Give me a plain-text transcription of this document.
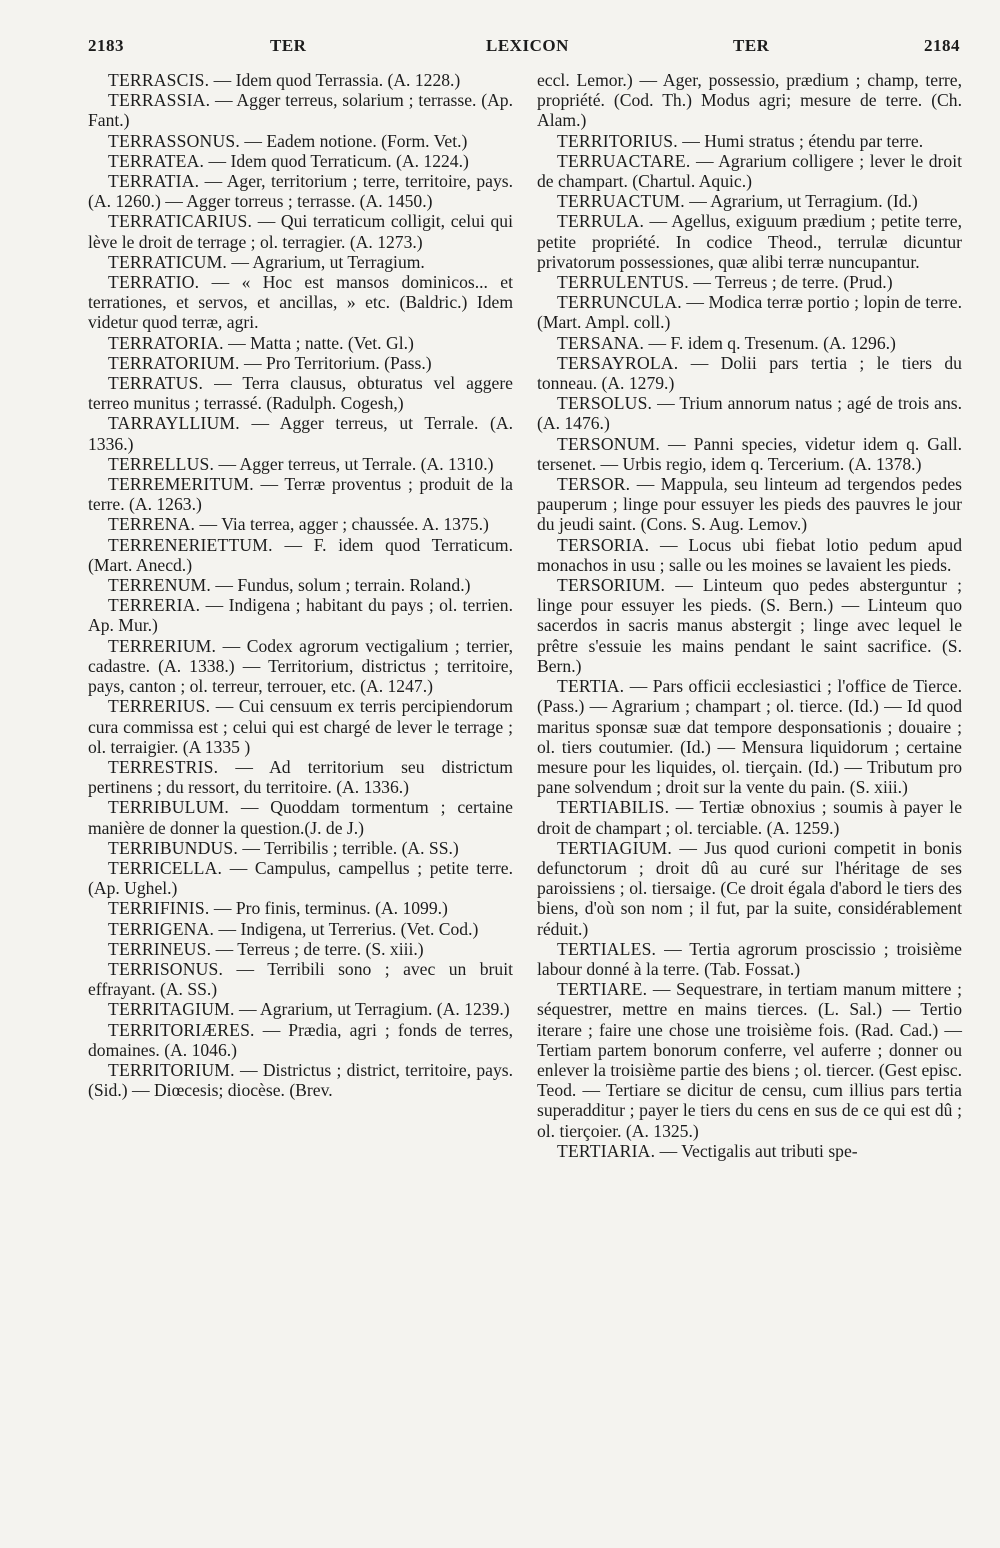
2183	TER	LEXICON	TER	2184

TERRASCIS. — Idem quod Terrassia. (A. 1228.)

TERRASSIA. — Agger terreus, solarium ; terrasse. (Ap. Fant.)

TERRASSONUS. — Eadem notione. (Form. Vet.)

TERRATEA. — Idem quod Terraticum. (A. 1224.)

TERRATIA. — Ager, territorium ; terre, territoire, pays. (A. 1260.) — Agger torreus ; terrasse. (A. 1450.)

TERRATICARIUS. — Qui terraticum colligit, celui qui lève le droit de terrage ; ol. terragier. (A. 1273.)

TERRATICUM. — Agrarium, ut Terragium.

TERRATIO. — « Hoc est mansos dominicos... et terrationes, et servos, et ancillas, » etc. (Baldric.) Idem videtur quod terræ, agri.

TERRATORIA. — Matta ; natte. (Vet. Gl.)

TERRATORIUM. — Pro Territorium. (Pass.)

TERRATUS. — Terra clausus, obturatus vel aggere terreo munitus ; terrassé. (Radulph. Cogesh,)

TARRAYLLIUM. — Agger terreus, ut Terrale. (A. 1336.)

TERRELLUS. — Agger terreus, ut Terrale. (A. 1310.)

TERREMERITUM. — Terræ proventus ; produit de la terre. (A. 1263.)

TERRENA. — Via terrea, agger ; chaussée. A. 1375.)

TERRENERIETTUM. — F. idem quod Terraticum. (Mart. Anecd.)

TERRENUM. — Fundus, solum ; terrain. Roland.)

TERRERIA. — Indigena ; habitant du pays ; ol. terrien. Ap. Mur.)

TERRERIUM. — Codex agrorum vectigalium ; terrier, cadastre. (A. 1338.) — Territorium, districtus ; territoire, pays, canton ; ol. terreur, terrouer, etc. (A. 1247.)

TERRERIUS. — Cui censuum ex terris percipiendorum cura commissa est ; celui qui est chargé de lever le terrage ; ol. terraigier. (A 1335 )

TERRESTRIS. — Ad territorium seu districtum pertinens ; du ressort, du territoire. (A. 1336.)

TERRIBULUM. — Quoddam tormentum ; certaine manière de donner la question.(J. de J.)

TERRIBUNDUS. — Terribilis ; terrible. (A. SS.)

TERRICELLA. — Campulus, campellus ; petite terre. (Ap. Ughel.)

TERRIFINIS. — Pro finis, terminus. (A. 1099.)

TERRIGENA. — Indigena, ut Terrerius. (Vet. Cod.)

TERRINEUS. — Terreus ; de terre. (S. xiii.)

TERRISONUS. — Terribili sono ; avec un bruit effrayant. (A. SS.)

TERRITAGIUM. — Agrarium, ut Terragium. (A. 1239.)

TERRITORIÆRES. — Prædia, agri ; fonds de terres, domaines. (A. 1046.)

TERRITORIUM. — Districtus ; district, territoire, pays. (Sid.) — Diœcesis; diocèse. (Brev.

eccl. Lemor.) — Ager, possessio, prædium ; champ, terre, propriété. (Cod. Th.) Modus agri; mesure de terre. (Ch. Alam.)

TERRITORIUS. — Humi stratus ; étendu par terre.

TERRUACTARE. — Agrarium colligere ; lever le droit de champart. (Chartul. Aquic.)

TERRUACTUM. — Agrarium, ut Terragium. (Id.)

TERRULA. — Agellus, exiguum prædium ; petite terre, petite propriété. In codice Theod., terrulæ dicuntur privatorum possessiones, quæ alibi terræ nuncupantur.

TERRULENTUS. — Terreus ; de terre. (Prud.)

TERRUNCULA. — Modica terræ portio ; lopin de terre. (Mart. Ampl. coll.)

TERSANA. — F. idem q. Tresenum. (A. 1296.)

TERSAYROLA. — Dolii pars tertia ; le tiers du tonneau. (A. 1279.)

TERSOLUS. — Trium annorum natus ; agé de trois ans. (A. 1476.)

TERSONUM. — Panni species, videtur idem q. Gall. tersenet. — Urbis regio, idem q. Tercerium. (A. 1378.)

TERSOR. — Mappula, seu linteum ad tergendos pedes pauperum ; linge pour essuyer les pieds des pauvres le jour du jeudi saint. (Cons. S. Aug. Lemov.)

TERSORIA. — Locus ubi fiebat lotio pedum apud monachos in usu ; salle ou les moines se lavaient les pieds.

TERSORIUM. — Linteum quo pedes absterguntur ; linge pour essuyer les pieds. (S. Bern.) — Linteum quo sacerdos in sacris manus abstergit ; linge avec lequel le prêtre s'essuie les mains pendant le saint sacrifice. (S. Bern.)

TERTIA. — Pars officii ecclesiastici ; l'office de Tierce. (Pass.) — Agrarium ; champart ; ol. tierce. (Id.) — Id quod maritus sponsæ suæ dat tempore desponsationis ; douaire ; ol. tiers coutumier. (Id.) — Mensura liquidorum ; certaine mesure pour les liquides, ol. tierçain. (Id.) — Tributum pro pane solvendum ; droit sur la vente du pain. (S. xiii.)

TERTIABILIS. — Tertiæ obnoxius ; soumis à payer le droit de champart ; ol. terciable. (A. 1259.)

TERTIAGIUM. — Jus quod curioni competit in bonis defunctorum ; droit dû au curé sur l'héritage de ses paroissiens ; ol. tiersaige. (Ce droit égala d'abord le tiers des biens, d'où son nom ; il fut, par la suite, considérablement réduit.)

TERTIALES. — Tertia agrorum proscissio ; troisième labour donné à la terre. (Tab. Fossat.)

TERTIARE. — Sequestrare, in tertiam manum mittere ; séquestrer, mettre en mains tierces. (L. Sal.) — Tertio iterare ; faire une chose une troisième fois. (Rad. Cad.) — Tertiam partem bonorum conferre, vel auferre ; donner ou enlever la troisième partie des biens ; ol. tiercer. (Gest episc. Teod. — Tertiare se dicitur de censu, cum illius pars tertia superadditur ; payer le tiers du cens en sus de ce qui est dû ; ol. tierçoier. (A. 1325.)

TERTIARIA. — Vectigalis aut tributi spe-
